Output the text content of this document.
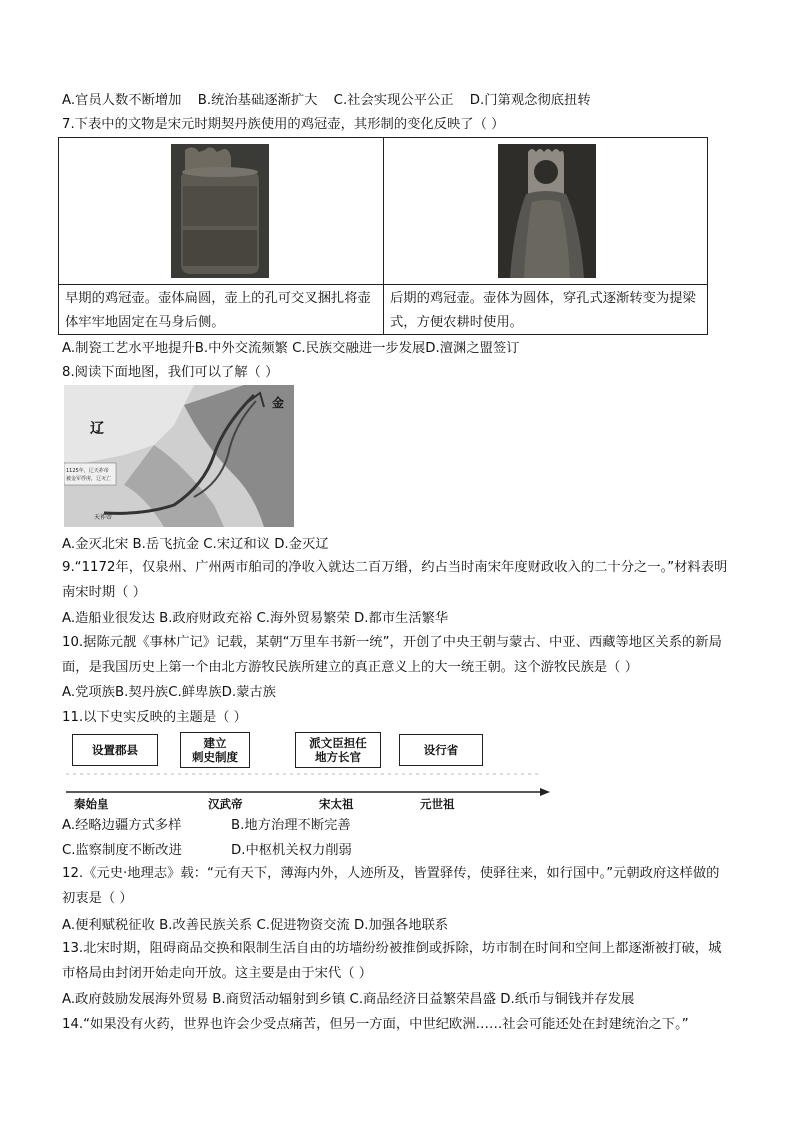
A.官员人数不断增加 B.统治基础逐渐扩大 C.社会实现公平公正 D.门第观念彻底扭转
7.下表中的文物是宋元时期契丹族使用的鸡冠壶，其形制的变化反映了（ ）
早期的鸡冠壶。壶体扁圆，壶上的孔可交叉捆扎将壶体牢牢地固定在马身后侧。
后期的鸡冠壶。壶体为圆体，穿孔式逐渐转变为提梁式，方便农耕时使用。
A.制瓷工艺水平地提升B.中外交流频繁 C.民族交融进一步发展D.澶渊之盟签订
8.阅读下面地图，我们可以了解（ ）
1125年，辽天祚帝
被金军俘虏，辽灭亡
辽
金
天祚帝
A.金灭北宋 B.岳飞抗金 C.宋辽和议 D.金灭辽
9.“1172年，仅泉州、广州两市舶司的净收入就达二百万缗，约占当时南宋年度财政收入的二十分之一。”材料表明南宋时期（ ）
A.造船业很发达 B.政府财政充裕 C.海外贸易繁荣 D.都市生活繁华
10.据陈元靓《事林广记》记载，某朝“万里车书新一统”，开创了中央王朝与蒙古、中亚、西藏等地区关系的新局面，是我国历史上第一个由北方游牧民族所建立的真正意义上的大一统王朝。这个游牧民族是（ ）
A.党项族B.契丹族C.鲜卑族D.蒙古族
11.以下史实反映的主题是（ ）
设置郡县	建立
刺史制度
派文臣担任
地方长官	设行省
秦始皇	汉武帝	宋太祖	元世祖
A.经略边疆方式多样	B.地方治理不断完善
C.监察制度不断改进	D.中枢机关权力削弱
12.《元史·地理志》载：“元有天下，薄海内外，人迹所及，皆置驿传，使驿往来，如行国中。”元朝政府这样做的初衷是（ ）
A.便利赋税征收 B.改善民族关系 C.促进物资交流 D.加强各地联系
13.北宋时期，阻碍商品交换和限制生活自由的坊墙纷纷被推倒或拆除，坊市制在时间和空间上都逐渐被打破，城市格局由封闭开始走向开放。这主要是由于宋代（ ）
A.政府鼓励发展海外贸易 B.商贸活动辐射到乡镇 C.商品经济日益繁荣昌盛 D.纸币与铜钱并存发展
14.“如果没有火药，世界也许会少受点痛苦，但另一方面，中世纪欧洲……社会可能还处在封建统治之下。”
